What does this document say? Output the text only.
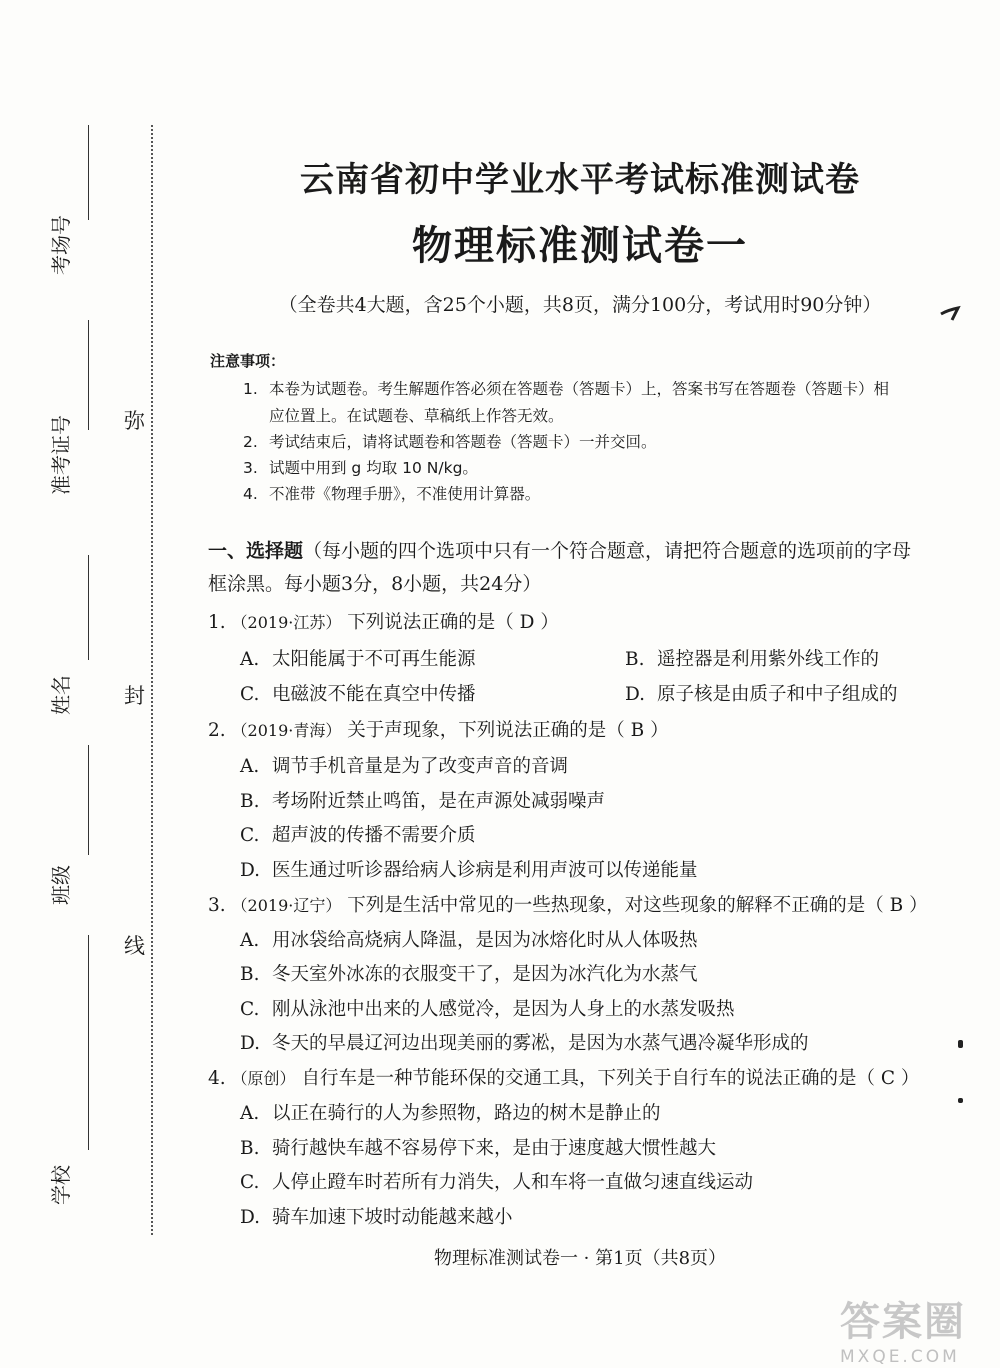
考场号
准考证号
姓名
班级
学校
弥
封
线
云南省初中学业水平考试标准测试卷
物理标准测试卷一
（全卷共4大题，含25个小题，共8页，满分100分，考试用时90分钟）
注意事项：
1. 本卷为试题卷。考生解题作答必须在答题卷（答题卡）上，答案书写在答题卷（答题卡）相
应位置上。在试题卷、草稿纸上作答无效。
2. 考试结束后，请将试题卷和答题卷（答题卡）一并交回。
3. 试题中用到 g 均取 10 N/kg。
4. 不准带《物理手册》，不准使用计算器。
一、选择题（每小题的四个选项中只有一个符合题意，请把符合题意的选项前的字母
框涂黑。每小题3分，8小题，共24分）
1. （2019·江苏） 下列说法正确的是（ D ）
A. 太阳能属于不可再生能源	B. 遥控器是利用紫外线工作的
C. 电磁波不能在真空中传播	D. 原子核是由质子和中子组成的
2. （2019·青海） 关于声现象，下列说法正确的是（ B ）
A. 调节手机音量是为了改变声音的音调
B. 考场附近禁止鸣笛，是在声源处减弱噪声
C. 超声波的传播不需要介质
D. 医生通过听诊器给病人诊病是利用声波可以传递能量
3. （2019·辽宁） 下列是生活中常见的一些热现象，对这些现象的解释不正确的是（ B ）
A. 用冰袋给高烧病人降温，是因为冰熔化时从人体吸热
B. 冬天室外冰冻的衣服变干了，是因为冰汽化为水蒸气
C. 刚从泳池中出来的人感觉冷，是因为人身上的水蒸发吸热
D. 冬天的早晨辽河边出现美丽的雾凇，是因为水蒸气遇冷凝华形成的
4. （原创） 自行车是一种节能环保的交通工具，下列关于自行车的说法正确的是（ C ）
A. 以正在骑行的人为参照物，路边的树木是静止的
B. 骑行越快车越不容易停下来，是由于速度越大惯性越大
C. 人停止蹬车时若所有力消失，人和车将一直做匀速直线运动
D. 骑车加速下坡时动能越来越小
物理标准测试卷一 · 第1页（共8页）
答案圈
MXQE.COM
